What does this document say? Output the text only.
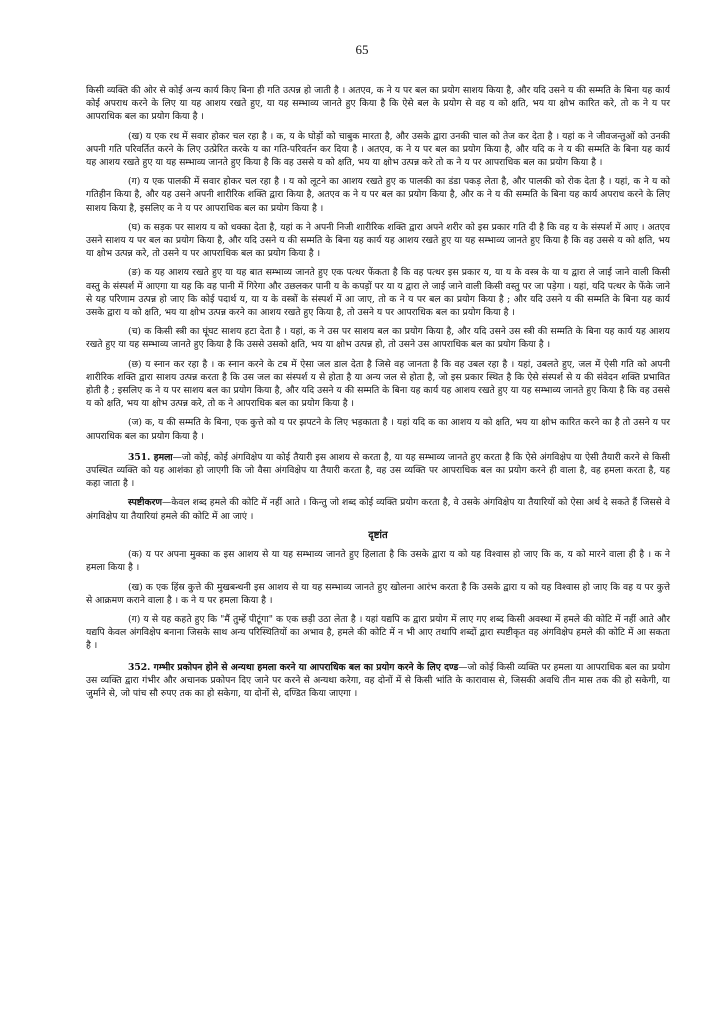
65

किसी व्यक्ति की ओर से कोई अन्य कार्य किए बिना ही गति उत्पन्न हो जाती है । अतएव, क ने य पर बल का प्रयोग साशय किया है, और यदि उसने य की सम्मति के बिना यह कार्य कोई अपराध करने के लिए या यह आशय रखते हुए, या यह सम्भाव्य जानते हुए किया है कि ऐसे बल के प्रयोग से वह य को क्षति, भय या क्षोभ कारित करे, तो क ने य पर आपराधिक बल का प्रयोग किया है ।

(ख) य एक रथ में सवार होकर चल रहा है । क, य के घोड़ों को चाबुक मारता है, और उसके द्वारा उनकी चाल को तेज कर देता है । यहां क ने जीवजन्तुओं को उनकी अपनी गति परिवर्तित करने के लिए उत्प्रेरित करके य का गति-परिवर्तन कर दिया है । अतएव, क ने य पर बल का प्रयोग किया है, और यदि क ने य की सम्मति के बिना यह कार्य यह आशय रखते हुए या यह सम्भाव्य जानते हुए किया है कि वह उससे य को क्षति, भय या क्षोभ उत्पन्न करे तो क ने य पर आपराधिक बल का प्रयोग किया है ।

(ग) य एक पालकी में सवार होकर चल रहा है । य को लूटने का आशय रखते हुए क पालकी का डंडा पकड़ लेता है, और पालकी को रोक देता है । यहां, क ने य को गतिहीन किया है, और यह उसने अपनी शारीरिक शक्ति द्वारा किया है, अतएव क ने य पर बल का प्रयोग किया है, और क ने य की सम्मति के बिना यह कार्य अपराध करने के लिए साशय किया है, इसलिए क ने य पर आपराधिक बल का प्रयोग किया है ।

(घ) क सड़क पर साशय य को धक्का देता है, यहां क ने अपनी निजी शारीरिक शक्ति द्वारा अपने शरीर को इस प्रकार गति दी है कि वह य के संस्पर्श में आए । अतएव उसने साशय य पर बल का प्रयोग किया है, और यदि उसने य की सम्मति के बिना यह कार्य यह आशय रखते हुए या यह सम्भाव्य जानते हुए किया है कि वह उससे य को क्षति, भय या क्षोभ उत्पन्न करे, तो उसने य पर आपराधिक बल का प्रयोग किया है ।

(ङ) क यह आशय रखते हुए या यह बात सम्भाव्य जानते हुए एक पत्थर फेंकता है कि वह पत्थर इस प्रकार य, या य के वस्त्र के या य द्वारा ले जाई जाने वाली किसी वस्तु के संस्पर्श में आएगा या यह कि वह पानी में गिरेगा और उछलकर पानी य के कपड़ों पर या य द्वारा ले जाई जाने वाली किसी वस्तु पर जा पड़ेगा । यहां, यदि पत्थर के फेंके जाने से यह परिणाम उत्पन्न हो जाए कि कोई पदार्थ य, या य के वस्त्रों के संस्पर्श में आ जाए, तो क ने य पर बल का प्रयोग किया है ; और यदि उसने य की सम्मति के बिना यह कार्य उसके द्वारा य को क्षति, भय या क्षोभ उत्पन्न करने का आशय रखते हुए किया है, तो उसने य पर आपराधिक बल का प्रयोग किया है ।

(च) क किसी स्त्री का घूंघट साशय हटा देता है । यहां, क ने उस पर साशय बल का प्रयोग किया है, और यदि उसने उस स्त्री की सम्मति के बिना यह कार्य यह आशय रखते हुए या यह सम्भाव्य जानते हुए किया है कि उससे उसको क्षति, भय या क्षोभ उत्पन्न हो, तो उसने उस आपराधिक बल का प्रयोग किया है ।

(छ) य स्नान कर रहा है । क स्नान करने के टब में ऐसा जल डाल देता है जिसे वह जानता है कि वह उबल रहा है । यहां, उबलते हुए, जल में ऐसी गति को अपनी शारीरिक शक्ति द्वारा साशय उत्पन्न करता है कि उस जल का संस्पर्श य से होता है या अन्य जल से होता है, जो इस प्रकार स्थित है कि ऐसे संस्पर्श से य की संवेदन शक्ति प्रभावित होती है ; इसलिए क ने य पर साशय बल का प्रयोग किया है, और यदि उसने य की सम्मति के बिना यह कार्य यह आशय रखते हुए या यह सम्भाव्य जानते हुए किया है कि वह उससे य को क्षति, भय या क्षोभ उत्पन्न करे, तो क ने आपराधिक बल का प्रयोग किया है ।

(ज) क, य की सम्मति के बिना, एक कुत्ते को य पर झपटने के लिए भड़काता है । यहां यदि क का आशय य को क्षति, भय या क्षोभ कारित करने का है तो उसने य पर आपराधिक बल का प्रयोग किया है ।

351. हमला—जो कोई, कोई अंगविक्षेप या कोई तैयारी इस आशय से करता है, या यह सम्भाव्य जानते हुए करता है कि ऐसे अंगविक्षेप या ऐसी तैयारी करने से किसी उपस्थित व्यक्ति को यह आशंका हो जाएगी कि जो वैसा अंगविक्षेप या तैयारी करता है, वह उस व्यक्ति पर आपराधिक बल का प्रयोग करने ही वाला है, वह हमला करता है, यह कहा जाता है ।

स्पष्टीकरण—केवल शब्द हमले की कोटि में नहीं आते । किन्तु जो शब्द कोई व्यक्ति प्रयोग करता है, वे उसके अंगविक्षेप या तैयारियों को ऐसा अर्थ दे सकते हैं जिससे वे अंगविक्षेप या तैयारियां हमले की कोटि में आ जाएं ।

दृष्टांत

(क) य पर अपना मुक्का क इस आशय से या यह सम्भाव्य जानते हुए हिलाता है कि उसके द्वारा य को यह विश्वास हो जाए कि क, य को मारने वाला ही है । क ने हमला किया है ।

(ख) क एक हिंस्र कुत्ते की मुखबन्धनी इस आशय से या यह सम्भाव्य जानते हुए खोलना आरंभ करता है कि उसके द्वारा य को यह विश्वास हो जाए कि वह य पर कुत्ते से आक्रमण कराने वाला है । क ने य पर हमला किया है ।

(ग) य से यह कहते हुए कि "मैं तुम्हें पीटूंगा" क एक छड़ी उठा लेता है । यहां यद्यपि क द्वारा प्रयोग में लाए गए शब्द किसी अवस्था में हमले की कोटि में नहीं आते और यद्यपि केवल अंगविक्षेप बनाना जिसके साथ अन्य परिस्थितियों का अभाव है, हमले की कोटि में न भी आए तथापि शब्दों द्वारा स्पष्टीकृत वह अंगविक्षेप हमले की कोटि में आ सकता है ।

352. गम्भीर प्रकोपन होने से अन्यथा हमला करने या आपराधिक बल का प्रयोग करने के लिए दण्ड—जो कोई किसी व्यक्ति पर हमला या आपराधिक बल का प्रयोग उस व्यक्ति द्वारा गंभीर और अचानक प्रकोपन दिए जाने पर करने से अन्यथा करेगा, वह दोनों में से किसी भांति के कारावास से, जिसकी अवधि तीन मास तक की हो सकेगी, या जुर्माने से, जो पांच सौ रुपए तक का हो सकेगा, या दोनों से, दण्डित किया जाएगा ।
